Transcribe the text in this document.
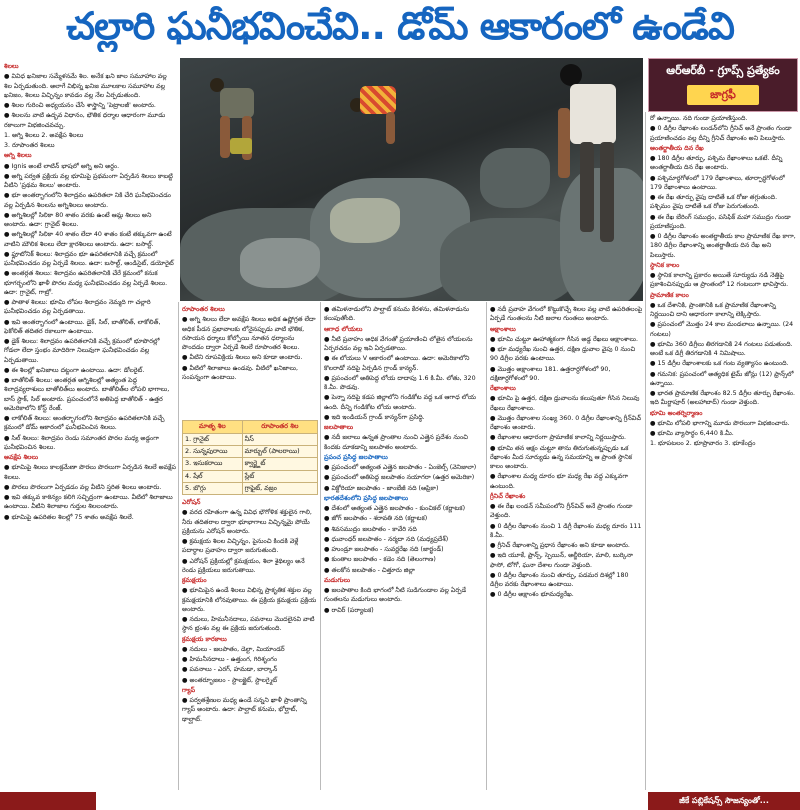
చల్లారి ఘనీభవించేవి.. డోమ్ ఆకారంలో ఉండేవి

శిలలు

● వివిధ ఖనిజాల సమ్మేళనమే శిల. అనేక ఖని జాల సమూహాల వల్ల శిల ఏర్పడుతుంది. అలాగే విభిన్న ఖనిజ మూలకాల సమూహాల వల్ల ఖనిజం, శిలలు విచ్ఛిన్నం కావడం వల్ల నేల ఏర్పడుతుంది.

● శిలల గురించి అధ్యయనం చేసే శాస్త్రాన్ని 'పెట్రాలజీ' అంటారు.

● శిలలను వాటి ఉద్భవ విధానం, భౌతిక ధర్మాల ఆధారంగా మూడు రకాలుగా విభజించవచ్చు.

1. అగ్ని శిలలు 2. అవక్షేప శిలలు

3. రూపాంతర శిలలు

అగ్ని శిలలు

● Ignis అంటే లాటిన్ భాషలో అగ్ని అని అర్థం.

● అగ్ని పర్వత ప్రక్రియ వల్ల భూమిపై ప్రథమంగా ఏర్పడిన శిలలు కాబట్టి వీటిని 'ప్రథమ శిలలు' అంటారు.

● భూ అంతర్భాగంలోని శిలాద్రవం ఉపరితలా నికి చేరి ఘనీభవించడం వల్ల ఏర్పడిన శిలలను అగ్నిశిలలు అంటారు.

● అగ్నిశిలల్లో సిలికా 80 శాతం వరకు ఉంటే ఆమ్ల శిలలు అని అంటారు. ఉదా: గ్రానైట్ శిలలు.

● అగ్నిశిలల్లో సిలికా 40 శాతం లేదా 40 శాతం కంటే తక్కువగా ఉంటే వాటిని మౌలిక శిలలు లేదా క్షారశిలలు అంటారు. ఉదా: బసాల్ట్.

● ఫ్లూటోనిక్ శిలలు: శిలాద్రవం భూ ఉపరితలానికి వచ్చే క్రమంలో ఘనీభవించడం వల్ల ఏర్పడే శిలలు. ఉదా: బసాల్ట్, ఆండిసైట్, డయోరైట్

● అంతర్గత శిలలు: శిలాద్రవం ఉపరితలానికి చేరే క్రమంలో కనుక భూగర్భంలోని ఖాళీ పొరల మధ్య ఘనీభవించడం వల్ల ఏర్పడే శిలలు. ఉదా: గ్రానైట్, గాబ్రో.

● పాతాళ శిలలు: భూమి లోపల శిలాద్రవం నెమ్మది గా చల్లారి ఘనీభవించడం వల్ల ఏర్పడతాయి.

● ఇవి అంతర్భాగంలో ఉంటాయి. డైక్, సిల్, బాతోలిత్, లాకోలిత్, ఫెకోలిత్ తదితర రకాలుగా ఉంటాయి.

● డైక్ శిలలు: శిలాద్రవం ఉపరితలానికి వచ్చే క్రమంలో భూపొరల్లో గోడలా లేదా స్తంభం మాదిరిగా నిలువుగా ఘనీభవించడం వల్ల ఏర్పడుతాయి.

● ఈ శిలల్లో ఖనిజాలు దట్టంగా ఉంటాయి. ఉదా: డోలరైట్.

● బాతోలిత్ శిలలు: అంతర్గత అగ్నిశిలల్లో అత్యంత పెద్ద శిలాద్రవ్యరాశులు బాతోలిత్‌లు అంటారు. బాతోలిత్‌ల లోపలి భాగాలు, బాస్ స్టాక్, సిల్ అంటారు. ప్రపంచంలోనే అతిపెద్ద బాతోలిత్ - ఉత్తర అమెరికాలోని కోస్ట్ రేంజ్.

● లాకోలిత్ శిలలు: అంతర్భాగంలోని శిలాద్రవం ఉపరితలానికి వచ్చే క్రమంలో డోమ్ ఆకారంలో ఘనీభవించిన శిలలు.

● సిల్ శిలలు: శిలాద్రవం రెండు సమాంతర పొరల మధ్య అడ్డంగా ఘనీభవించిన శిలలు.

అవక్షేప శిలలు

● భూమిపై శిలలు కాలక్రమేణా పొరలు పొరలుగా ఏర్పడిన శిలలే అవక్షేప శిలలు.

● పొరలు పొరలుగా ఏర్పడడం వల్ల వీటిని స్తరిత శిలలు అంటారు.

● ఇవి తక్కువ కాఠిన్యం కలిగి సచ్ఛిద్రంగా ఉంటాయి. వీటిలో శిలాజాలు ఉంటాయి. వీటిని శిలాజాల గుర్తుల శిలలంటారు.

● భూమిపై ఉపరితల శిలల్లో 75 శాతం అవక్షేప శిలలే.

రూపాంతర శిలలు

● అగ్ని శిలలు లేదా అవక్షేప శిలలు అధిక ఉష్ణోగ్రత లేదా అధిక పీడన ప్రభావాలకు లోనైనప్పుడు వాటి భౌతిక, రసాయన ధర్మాలు కోల్పోయి నూతన ధర్మాలను పొందడం ద్వారా ఏర్పడే శిలలే రూపాంతర శిలలు.

● వీటిని రూపవిక్రియ శిలలు అని కూడా అంటారు.

● వీటిలో శిలాజాలు ఉండవు. వీటిలో ఖనిజాలు, సంపన్నంగా ఉంటాయి.

మాతృ శిల	రూపాంతర శిల
1. గ్రానైట్	నీస్
2. సున్నపురాయి	మార్బుల్ (పాలరాయి)
3. ఇసుకరాయి	క్వార్ట్జైట్
4. షేల్	స్లేట్
5. బొగ్గు	గ్రాఫైట్, వజ్రం

ఎరోషన్

● వరద రహితంగా ఉన్న వివిధ భౌగోళిక శక్తులైన గాలి, నీరు తదితరాల ద్వారా భూభాగాలు విచ్ఛిన్నమై పోయే ప్రక్రియను ఎరోషన్ అంటారు.

● క్రమక్షయ శిలల విచ్ఛిన్నం, పైనుంచి కిందకి వెళ్లే పదార్థాల ప్రవాహం ద్వారా జరుగుతుంది.

● ఎరోషన్ ప్రక్రియల్లో క్రమక్షయం, శిలా శైథిల్యం అనే రెండు ప్రక్రియలు జరుగుతాయి.

క్రమక్షయం

● భూమిపైన ఉండే శిలలు విభిన్న ప్రాకృతిక శక్తుల వల్ల క్రమక్షయానికి లోనవుతాయి. ఈ ప్రక్రియ క్రమక్షయ ప్రక్రియ అంటారు.

● నదులు, హిమనీనదాలు, పవనాలు మొదలైనవి వాటి స్థాన భ్రంశం వల్ల ఈ ప్రక్రియ జరుగుతుంది.

క్రమక్షయ కారకాలు

● నదులు - జలపాతం, డెల్టా, మియాండర్

● హిమనీనదాలు - ఉత్తుంగ, గిరిశృంగం

● పవనాలు - ఎరగ్, హమడా, బార్కాన్

● అంతర్భూజలం - స్టాలక్టైట్, స్టాలగ్మైట్

గ్యాప్

● పర్వతశ్రేణుల మధ్య ఉండే సన్నని ఖాళీ ప్రాంతాన్ని గ్యాప్ అంటారు. ఉదా: పాల్ఘాట్ కనుమ, భోర్ఘాట్, థాల్ఘాట్.

● తమిళనాడులోని పాల్ఘాట్ కనుమ కేరళను, తమిళనాడును కలుపుతోంది.

ఆగాధ లోయలు

● నీటి ప్రవాహం అధిక వేగంతో ప్రయాణించి లోతైన లోయలను ఏర్పరచడం వల్ల ఇవి ఏర్పడతాయి.

● ఈ లోయలు V ఆకారంలో ఉంటాయి. ఉదా: అమెరికాలోని కొలరాడో నదిపై ఏర్పడిన గ్రాండ్ కాన్యన్.

● ప్రపంచంలో అతిపెద్ద లోయ దాదాపు 1.6 కి.మీ. లోతు, 320 కి.మీ. పొడవు.

● పెన్నా నదిపై కడప జిల్లాలోని గండికోట వద్ద ఒక ఆగాధ లోయ ఉంది. దీన్ని గండికోట లోయ అంటారు.

● ఇది ఇండియన్ గ్రాండ్ కాన్యన్‌గా ప్రసిద్ధి.

జలపాతాలు

● నదీ జలాలు ఉన్నత ప్రాంతాల నుంచి ఎత్తైన ప్రదేశం నుంచి కిందకు దూకడాన్ని జలపాతం అంటారు.

ప్రపంచ ప్రసిద్ధ జలపాతాలు

● ప్రపంచంలో అత్యంత ఎత్తైన జలపాతం - ఏంజెల్స్ (వెనిజులా)

● ప్రపంచంలో అతిపెద్ద జలపాతం నయాగరా (ఉత్తర అమెరికా)

● విక్టోరియా జలపాతం - జాంబేజీ నది (ఆఫ్రికా)

భారతదేశంలోని ప్రసిద్ధ జలపాతాలు

● దేశంలో అత్యంత ఎత్తైన జలపాతం - కుంచికల్ (కర్ణాటక)

● జోగ్ జలపాతం - శరావతి నది (కర్ణాటక)

● శివసముద్రం జలపాతం - కావేరి నది

● ధువాంధర్ జలపాతం - నర్మదా నది (మధ్యప్రదేశ్)

● హుండ్రూ జలపాతం - సువర్ణరేఖ నది (జార్ఖండ్)

● కుంతాల జలపాతం - కడెం నది (తెలంగాణ)

● తలకోన జలపాతం - చిత్తూరు జిల్లా

మడుగులు

● జలపాతాల కింది భాగంలో నీటి సుడిగుండాల వల్ల ఏర్పడే గుంతలను మడుగులు అంటారు.

● రావిర్ (పర్యాటక)

● నదీ ప్రవాహ వేగంలో కొట్టుకొచ్చే శిలల వల్ల వాటి ఉపరితలంపై ఏర్పడే గుంతలను నీటి జలాల గుంతలు అంటారు.

అక్షాంశాలు

● భూమి చుట్టూ ఊహాత్మకంగా గీసిన అడ్డ రేఖలు అక్షాంశాలు.

● భూ మధ్యరేఖ నుంచి ఉత్తర, దక్షిణ ధ్రువాల వైపు 0 నుంచి 90 డిగ్రీల వరకు ఉంటాయి.

● మొత్తం అక్షాంశాలు 181. ఉత్తరార్ధగోళంలో 90, దక్షిణార్ధగోళంలో 90.

రేఖాంశాలు

● భూమి పై ఉత్తర, దక్షిణ ధ్రువాలను కలుపుతూ గీసిన నిలువు రేఖలు రేఖాంశాలు.

● మొత్తం రేఖాంశాల సంఖ్య 360. 0 డిగ్రీల రేఖాంశాన్ని గ్రీన్‌విచ్ రేఖాంశం అంటారు.

● రేఖాంశాల ఆధారంగా ప్రామాణిక కాలాన్ని నిర్ణయిస్తారు.

● భూమి తన అక్షం చుట్టూ తాను తిరుగుతున్నప్పుడు ఒక రేఖాంశం మీద సూర్యుడు ఉన్న సమయాన్ని ఆ ప్రాంత స్థానిక కాలం అంటారు.

● రేఖాంశాల మధ్య దూరం భూ మధ్య రేఖ వద్ద ఎక్కువగా ఉంటుంది.

గ్రీనిచ్ రేఖాంశం

● ఈ రేఖ లండన్ సమీపంలోని గ్రీన్‌విచ్ అనే ప్రాంతం గుండా వెళ్తుంది.

● 0 డిగ్రీల రేఖాంశం నుంచి 1 డిగ్రీ రేఖాంశం మధ్య దూరం 111 కి.మీ.

● గ్రీనిచ్ రేఖాంశాన్ని ప్రధాన రేఖాంశం అని కూడా అంటారు.

● ఇది యూకే, ఫ్రాన్స్, స్పెయిన్, అల్జీరియా, మాలి, బుర్కినా ఫాసో, టోగో, ఘనా దేశాల గుండా వెళ్తుంది.

● 0 డిగ్రీల రేఖాంశం నుంచి తూర్పు, పడమర దిశల్లో 180 డిగ్రీల వరకు రేఖాంశాలు ఉంటాయి.

● 0 డిగ్రీల అక్షాంశం భూమధ్యరేఖ.

ఆర్ఆర్‌బీ - గ్రూప్స్ ప్రత్యేకం
జాగ్రఫీ

రో ఉన్నాయి. నది గుండా ప్రయాణిస్తుంది.

● 0 డిగ్రీల రేఖాంశం లండన్‌లోని గ్రీనిచ్ అనే ప్రాంతం గుండా ప్రయాణించడం వల్ల దీన్ని గ్రీనిచ్ రేఖాంశం అని పిలుస్తారు.

అంతర్జాతీయ దిన రేఖ

● 180 డిగ్రీల తూర్పు, పశ్చిమ రేఖాంశాలు ఒకటే. దీన్ని అంతర్జాతీయ దిన రేఖ అంటారు.

● పశ్చిమార్ధగోళంలో 179 రేఖాంశాలు, తూర్పార్ధగోళంలో 179 రేఖాంశాలు ఉంటాయి.

● ఈ రేఖ తూర్పు వైపు దాటితే ఒక రోజు తగ్గుతుంది. పశ్చిమం వైపు దాటితే ఒక రోజు పెరుగుతుంది.

● ఈ రేఖ బేరింగ్ సముద్రం, పసిఫిక్ మహా సముద్రం గుండా ప్రయాణిస్తుంది.

● 0 డిగ్రీల రేఖాంశం అంతర్జాతీయ కాల ప్రామాణిక రేఖ కాగా, 180 డిగ్రీల రేఖాంశాన్ని అంతర్జాతీయ దిన రేఖ అని పిలుస్తారు.

స్థానిక కాలం

● స్థానిక కాలాన్ని ప్రకారం అయితే సూర్యుడు నడి నెత్తిపై ప్రకాశించినప్పుడు ఆ ప్రాంతంలో 12 గంటలుగా భావిస్తారు.

ప్రామాణిక కాలం

● ఒక దేశానికి, ప్రాంతానికి ఒక ప్రామాణిక రేఖాంశాన్ని నిర్ణయించి దాని ఆధారంగా కాలాన్ని లెక్కిస్తారు.

● ప్రపంచంలో మొత్తం 24 కాల మండలాలు ఉన్నాయి. (24 గంటలు)

● భూమి 360 డిగ్రీలు తిరగడానికి 24 గంటలు పడుతుంది. అంటే ఒక డిగ్రీ తిరగడానికి 4 నిమిషాలు.

● 15 డిగ్రీల రేఖాంశాలకు ఒక గంట వ్యత్యాసం ఉంటుంది.

● గమనిక: ప్రపంచంలో అత్యధిక టైమ్ జోన్లు (12) ఫ్రాన్స్‌లో ఉన్నాయి.

● భారత ప్రామాణిక రేఖాంశం 82.5 డిగ్రీల తూర్పు రేఖాంశం. ఇది మీర్జాపూర్ (అలహాబాద్) గుండా వెళ్తుంది.

భూమి అంతర్నిర్మాణం

● భూమి లోపలి భాగాన్ని మూడు పొరలుగా విభజించారు.

● భూమి వ్యాసార్థం 6,440 కి.మీ.

1. భూపటలం 2. భూప్రావారం 3. భూకేంద్రం

జీకే పబ్లికేషన్స్ సౌజన్యంతో...
